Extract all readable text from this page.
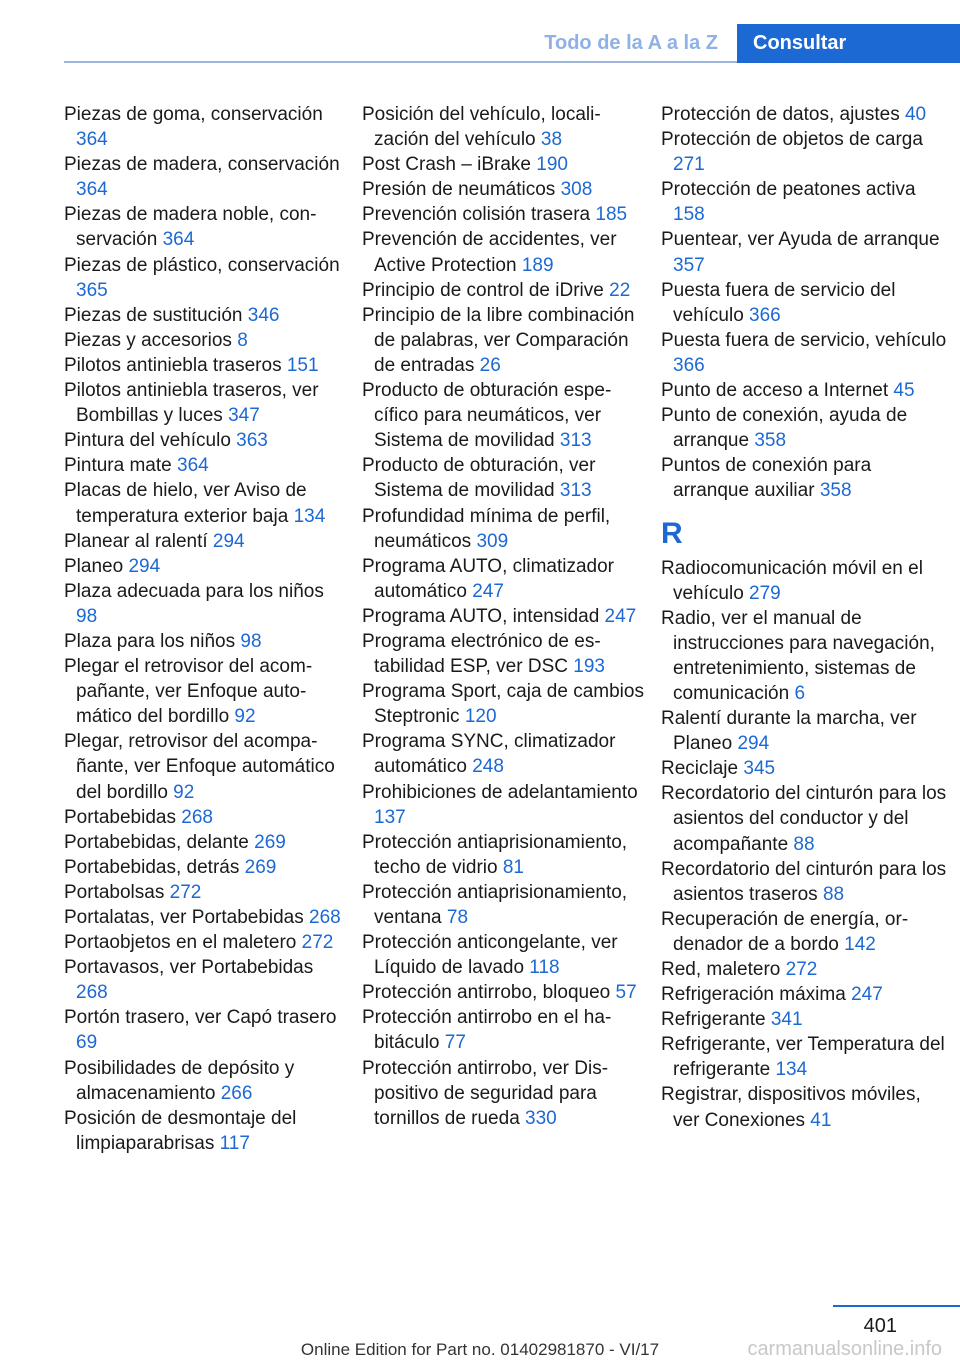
Todo de la A a la Z	Consultar

Piezas de goma, conservación 364

Piezas de madera, conservación 364

Piezas de madera noble, conservación 364

Piezas de plástico, conservación 365

Piezas de sustitución 346

Piezas y accesorios 8

Pilotos antiniebla traseros 151

Pilotos antiniebla traseros, ver Bombillas y luces 347

Pintura del vehículo 363

Pintura mate 364

Placas de hielo, ver Aviso de temperatura exterior baja 134

Planear al ralentí 294

Planeo 294

Plaza adecuada para los niños 98

Plaza para los niños 98

Plegar el retrovisor del acompañante, ver Enfoque automático del bordillo 92

Plegar, retrovisor del acompañante, ver Enfoque automático del bordillo 92

Portabebidas 268

Portabebidas, delante 269

Portabebidas, detrás 269

Portabolsas 272

Portalatas, ver Portabebidas 268

Portaobjetos en el maletero 272

Portavasos, ver Portabebidas 268

Portón trasero, ver Capó trasero 69

Posibilidades de depósito y almacenamiento 266

Posición de desmontaje del limpiaparabrisas 117

Posición del vehículo, localización del vehículo 38

Post Crash – iBrake 190

Presión de neumáticos 308

Prevención colisión trasera 185

Prevención de accidentes, ver Active Protection 189

Principio de control de iDrive 22

Principio de la libre combinación de palabras, ver Comparación de entradas 26

Producto de obturación específico para neumáticos, ver Sistema de movilidad 313

Producto de obturación, ver Sistema de movilidad 313

Profundidad mínima de perfil, neumáticos 309

Programa AUTO, climatizador automático 247

Programa AUTO, intensidad 247

Programa electrónico de estabilidad ESP, ver DSC 193

Programa Sport, caja de cambios Steptronic 120

Programa SYNC, climatizador automático 248

Prohibiciones de adelantamiento 137

Protección antiaprisionamiento, techo de vidrio 81

Protección antiaprisionamiento, ventana 78

Protección anticongelante, ver Líquido de lavado 118

Protección antirrobo, bloqueo 57

Protección antirrobo en el habitáculo 77

Protección antirrobo, ver Dispositivo de seguridad para tornillos de rueda 330

Protección de datos, ajustes 40

Protección de objetos de carga 271

Protección de peatones activa 158

Puentear, ver Ayuda de arranque 357

Puesta fuera de servicio del vehículo 366

Puesta fuera de servicio, vehículo 366

Punto de acceso a Internet 45

Punto de conexión, ayuda de arranque 358

Puntos de conexión para arranque auxiliar 358

R

Radiocomunicación móvil en el vehículo 279

Radio, ver el manual de instrucciones para navegación, entretenimiento, sistemas de comunicación 6

Ralentí durante la marcha, ver Planeo 294

Reciclaje 345

Recordatorio del cinturón para los asientos del conductor y del acompañante 88

Recordatorio del cinturón para los asientos traseros 88

Recuperación de energía, ordenador de a bordo 142

Red, maletero 272

Refrigeración máxima 247

Refrigerante 341

Refrigerante, ver Temperatura del refrigerante 134

Registrar, dispositivos móviles, ver Conexiones 41

401
Online Edition for Part no. 01402981870 - VI/17	carmanualsonline.info
